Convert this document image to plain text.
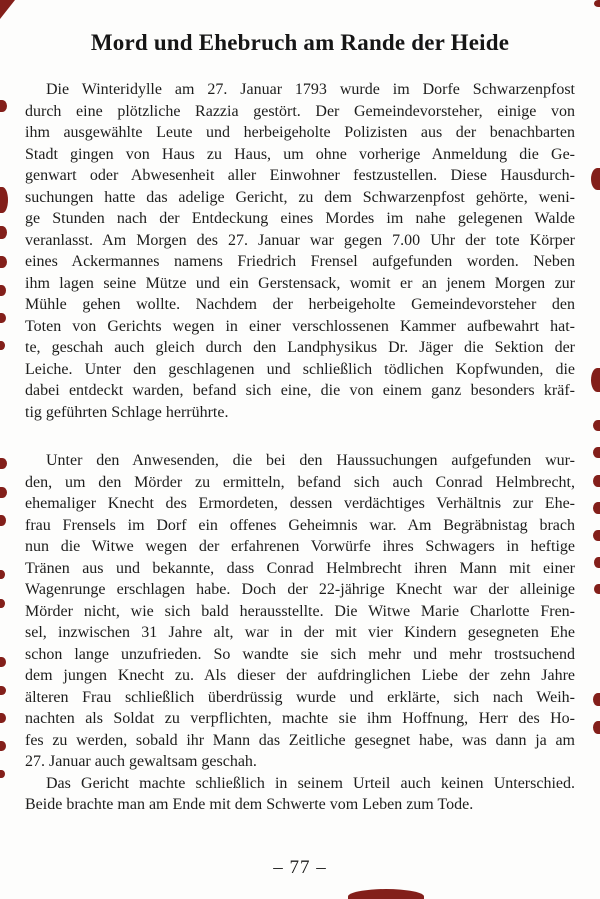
Mord und Ehebruch am Rande der Heide
Die Winteridylle am 27. Januar 1793 wurde im Dorfe Schwarzenpfost
durch eine plötzliche Razzia gestört. Der Gemeindevorsteher, einige von
ihm ausgewählte Leute und herbeigeholte Polizisten aus der benachbarten
Stadt gingen von Haus zu Haus, um ohne vorherige Anmeldung die Ge-
genwart oder Abwesenheit aller Einwohner festzustellen. Diese Hausdurch-
suchungen hatte das adelige Gericht, zu dem Schwarzenpfost gehörte, weni-
ge Stunden nach der Entdeckung eines Mordes im nahe gelegenen Walde
veranlasst. Am Morgen des 27. Januar war gegen 7.00 Uhr der tote Körper
eines Ackermannes namens Friedrich Frensel aufgefunden worden. Neben
ihm lagen seine Mütze und ein Gerstensack, womit er an jenem Morgen zur
Mühle gehen wollte. Nachdem der herbeigeholte Gemeindevorsteher den
Toten von Gerichts wegen in einer verschlossenen Kammer aufbewahrt hat-
te, geschah auch gleich durch den Landphysikus Dr. Jäger die Sektion der
Leiche. Unter den geschlagenen und schließlich tödlichen Kopfwunden, die
dabei entdeckt warden, befand sich eine, die von einem ganz besonders kräf-
tig geführten Schlage herrührte.
Unter den Anwesenden, die bei den Haussuchungen aufgefunden wur-
den, um den Mörder zu ermitteln, befand sich auch Conrad Helmbrecht,
ehemaliger Knecht des Ermordeten, dessen verdächtiges Verhältnis zur Ehe-
frau Frensels im Dorf ein offenes Geheimnis war. Am Begräbnistag brach
nun die Witwe wegen der erfahrenen Vorwürfe ihres Schwagers in heftige
Tränen aus und bekannte, dass Conrad Helmbrecht ihren Mann mit einer
Wagenrunge erschlagen habe. Doch der 22-jährige Knecht war der alleinige
Mörder nicht, wie sich bald herausstellte. Die Witwe Marie Charlotte Fren-
sel, inzwischen 31 Jahre alt, war in der mit vier Kindern gesegneten Ehe
schon lange unzufrieden. So wandte sie sich mehr und mehr trostsuchend
dem jungen Knecht zu. Als dieser der aufdringlichen Liebe der zehn Jahre
älteren Frau schließlich überdrüssig wurde und erklärte, sich nach Weih-
nachten als Soldat zu verpflichten, machte sie ihm Hoffnung, Herr des Ho-
fes zu werden, sobald ihr Mann das Zeitliche gesegnet habe, was dann ja am
27. Januar auch gewaltsam geschah.
Das Gericht machte schließlich in seinem Urteil auch keinen Unterschied.
Beide brachte man am Ende mit dem Schwerte vom Leben zum Tode.
– 77 –
